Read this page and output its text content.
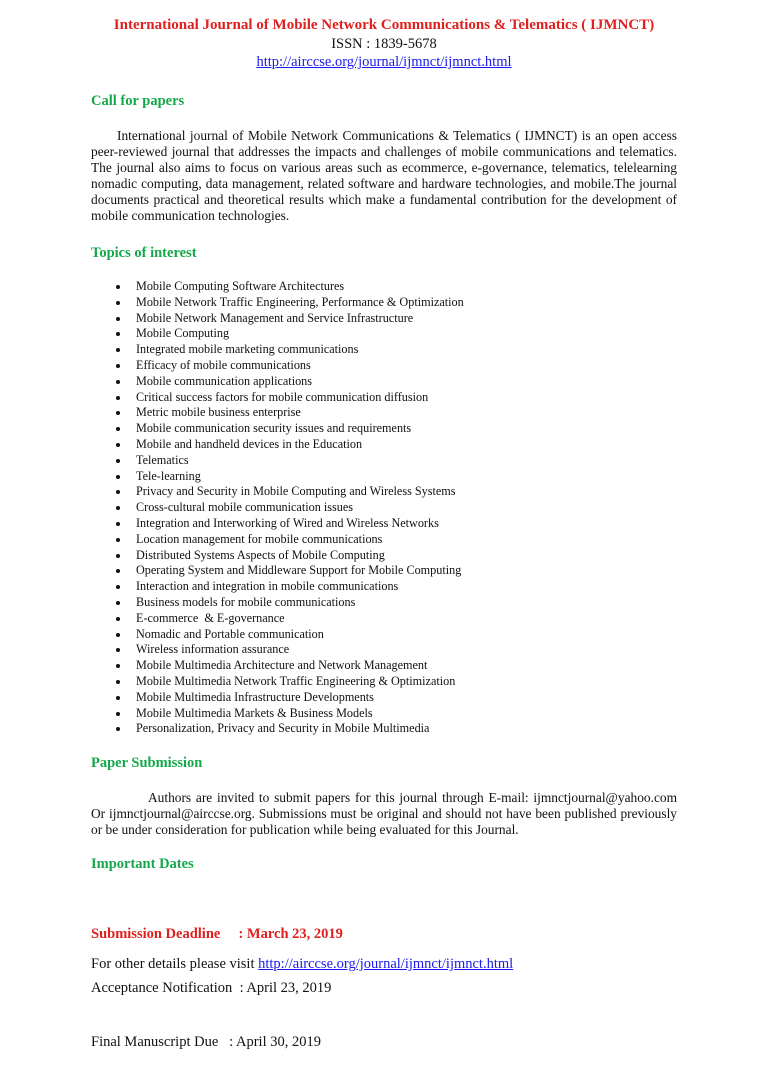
International Journal of Mobile Network Communications & Telematics ( IJMNCT)
ISSN : 1839-5678
http://airccse.org/journal/ijmnct/ijmnct.html
Call for papers
International journal of Mobile Network Communications & Telematics ( IJMNCT) is an open access peer-reviewed journal that addresses the impacts and challenges of mobile communications and telematics. The journal also aims to focus on various areas such as ecommerce, e-governance, telematics, telelearning nomadic computing, data management, related software and hardware technologies, and mobile.The journal documents practical and theoretical results which make a fundamental contribution for the development of mobile communication technologies.
Topics of interest
Mobile Computing Software Architectures
Mobile Network Traffic Engineering, Performance & Optimization
Mobile Network Management and Service Infrastructure
Mobile Computing
Integrated mobile marketing communications
Efficacy of mobile communications
Mobile communication applications
Critical success factors for mobile communication diffusion
Metric mobile business enterprise
Mobile communication security issues and requirements
Mobile and handheld devices in the Education
Telematics
Tele-learning
Privacy and Security in Mobile Computing and Wireless Systems
Cross-cultural mobile communication issues
Integration and Interworking of Wired and Wireless Networks
Location management for mobile communications
Distributed Systems Aspects of Mobile Computing
Operating System and Middleware Support for Mobile Computing
Interaction and integration in mobile communications
Business models for mobile communications
E-commerce  & E-governance
Nomadic and Portable communication
Wireless information assurance
Mobile Multimedia Architecture and Network Management
Mobile Multimedia Network Traffic Engineering & Optimization
Mobile Multimedia Infrastructure Developments
Mobile Multimedia Markets & Business Models
Personalization, Privacy and Security in Mobile Multimedia
Paper Submission
Authors are invited to submit papers for this journal through E-mail: ijmnctjournal@yahoo.com Or ijmnctjournal@airccse.org. Submissions must be original and should not have been published previously or be under consideration for publication while being evaluated for this Journal.
Important Dates

Submission Deadline     : March 23, 2019

Acceptance Notification  : April 23, 2019

Final Manuscript Due   : April 30, 2019

For other details please visit http://airccse.org/journal/ijmnct/ijmnct.html
